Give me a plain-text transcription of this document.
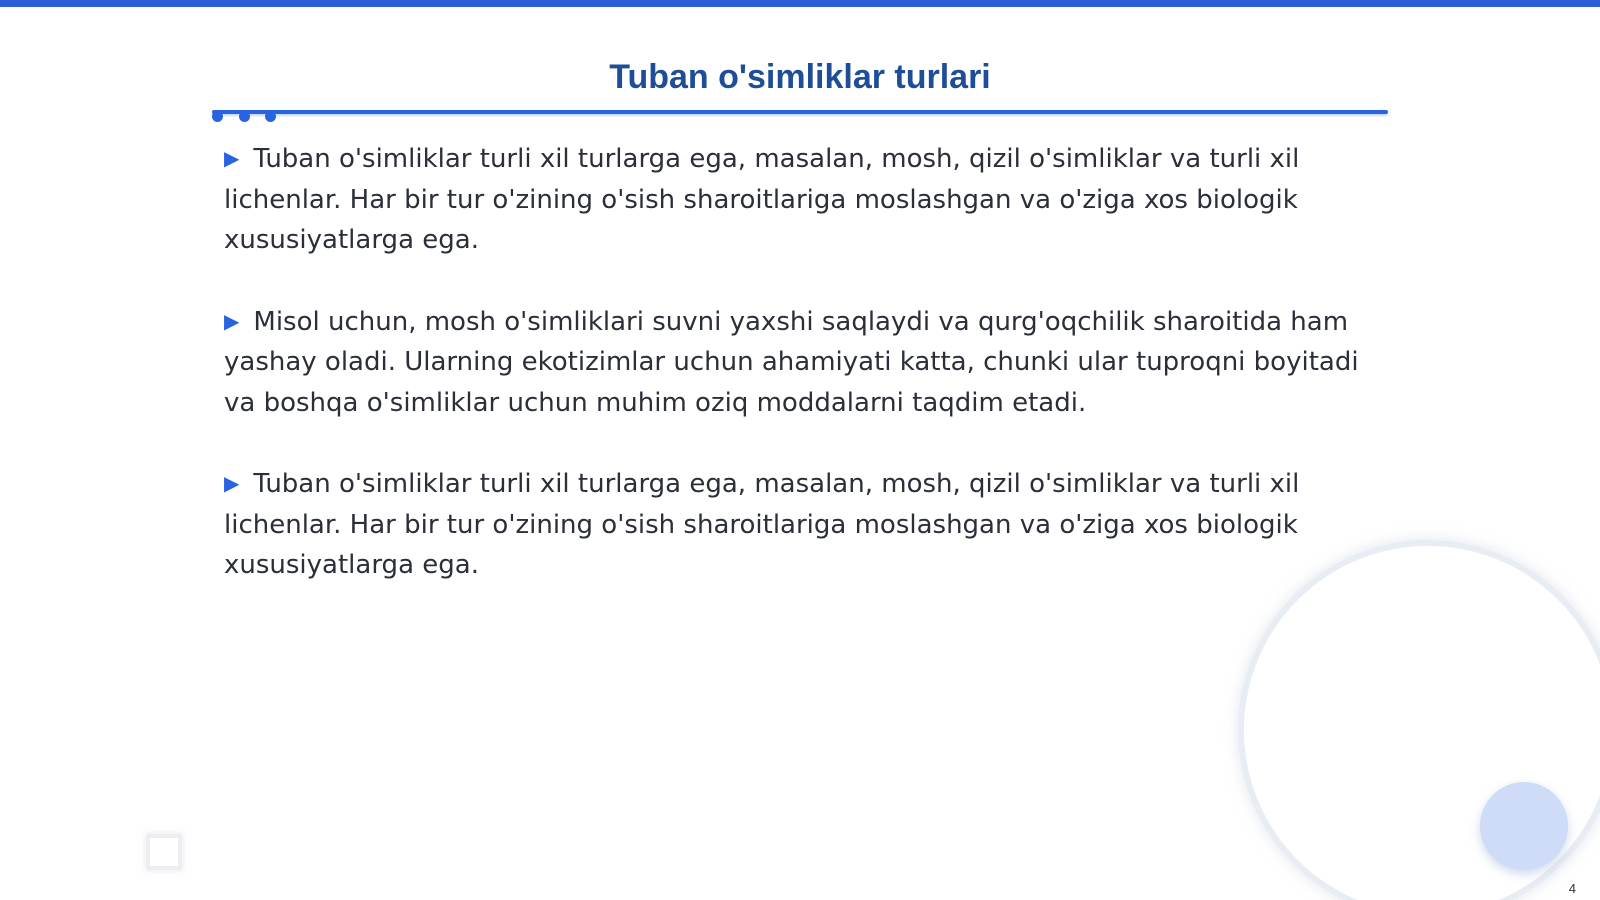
Tuban o'simliklar turlari

▶ Tuban o'simliklar turli xil turlarga ega, masalan, mosh, qizil o'simliklar va turli xil lichenlar. Har bir tur o'zining o'sish sharoitlariga moslashgan va o'ziga xos biologik xususiyatlarga ega.

▶ Misol uchun, mosh o'simliklari suvni yaxshi saqlaydi va qurg'oqchilik sharoitida ham yashay oladi. Ularning ekotizimlar uchun ahamiyati katta, chunki ular tuproqni boyitadi va boshqa o'simliklar uchun muhim oziq moddalarni taqdim etadi.

▶ Tuban o'simliklar turli xil turlarga ega, masalan, mosh, qizil o'simliklar va turli xil lichenlar. Har bir tur o'zining o'sish sharoitlariga moslashgan va o'ziga xos biologik xususiyatlarga ega.

4
